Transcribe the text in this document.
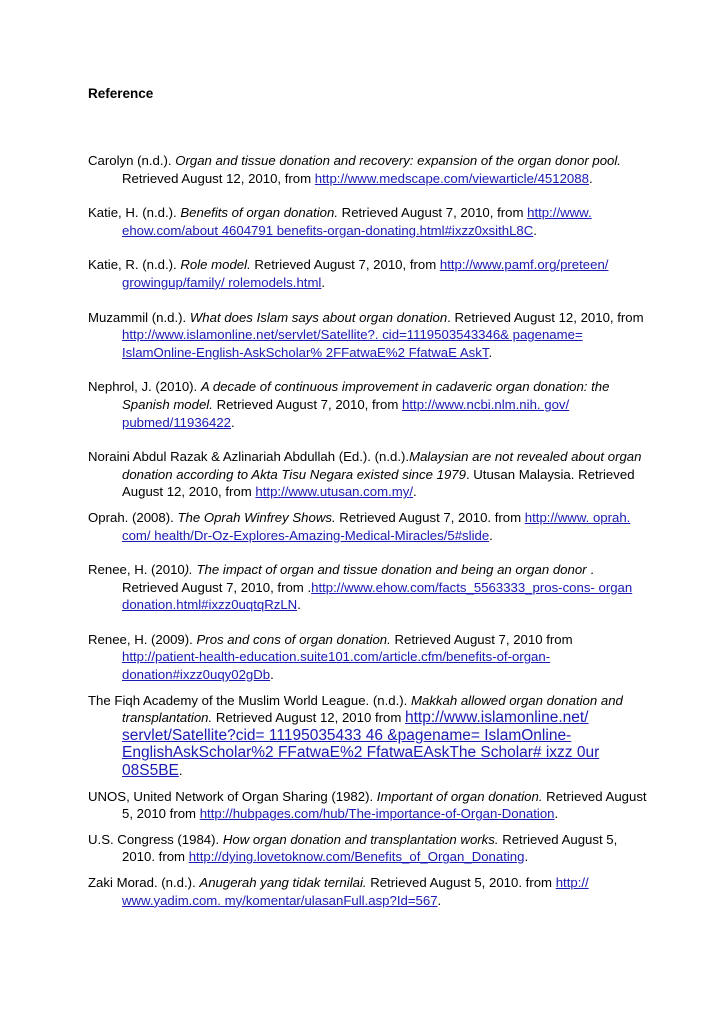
Reference
Carolyn (n.d.). Organ and tissue donation and recovery: expansion of the organ donor pool. Retrieved August 12, 2010, from http://www.medscape.com/viewarticle/4512088.
Katie, H. (n.d.). Benefits of organ donation. Retrieved August 7, 2010, from http://www. ehow.com/about 4604791 benefits-organ-donating.html#ixzz0xsithL8C.
Katie, R. (n.d.). Role model. Retrieved August 7, 2010, from http://www.pamf.org/preteen/ growingup/family/ rolemodels.html.
Muzammil (n.d.). What does Islam says about organ donation. Retrieved August 12, 2010, from http://www.islamonline.net/servlet/Satellite?. cid=1119503543346& pagename= IslamOnline-English-AskScholar% 2FFatwaE%2 FfatwaE AskT.
Nephrol, J. (2010). A decade of continuous improvement in cadaveric organ donation: the Spanish model. Retrieved August 7, 2010, from http://www.ncbi.nlm.nih. gov/ pubmed/11936422.
Noraini Abdul Razak & Azlinariah Abdullah (Ed.). (n.d.).Malaysian are not revealed about organ donation according to Akta Tisu Negara existed since 1979. Utusan Malaysia. Retrieved August 12, 2010, from http://www.utusan.com.my/.
Oprah. (2008). The Oprah Winfrey Shows. Retrieved August 7, 2010. from http://www. oprah. com/ health/Dr-Oz-Explores-Amazing-Medical-Miracles/5#slide.
Renee, H. (2010). The impact of organ and tissue donation and being an organ donor . Retrieved August 7, 2010, from .http://www.ehow.com/facts_5563333_pros-cons- organ donation.html#ixzz0uqtqRzLN.
Renee, H. (2009). Pros and cons of organ donation. Retrieved August 7, 2010 from http://patient-health-education.suite101.com/article.cfm/benefits-of-organ- donation#ixzz0uqy02gDb.
The Fiqh Academy of the Muslim World League. (n.d.). Makkah allowed organ donation and transplantation. Retrieved August 12, 2010 from http://www.islamonline.net/ servlet/Satellite?cid= 11195035433 46 &pagename= IslamOnline- EnglishAskScholar%2 FFatwaE%2 FfatwaEAskThe Scholar# ixzz 0ur 08S5BE.
UNOS, United Network of Organ Sharing (1982). Important of organ donation. Retrieved August 5, 2010 from http://hubpages.com/hub/The-importance-of-Organ-Donation.
U.S. Congress (1984). How organ donation and transplantation works. Retrieved August 5, 2010. from http://dying.lovetoknow.com/Benefits_of_Organ_Donating.
Zaki Morad. (n.d.). Anugerah yang tidak ternilai. Retrieved August 5, 2010. from http:// www.yadim.com. my/komentar/ulasanFull.asp?Id=567.
